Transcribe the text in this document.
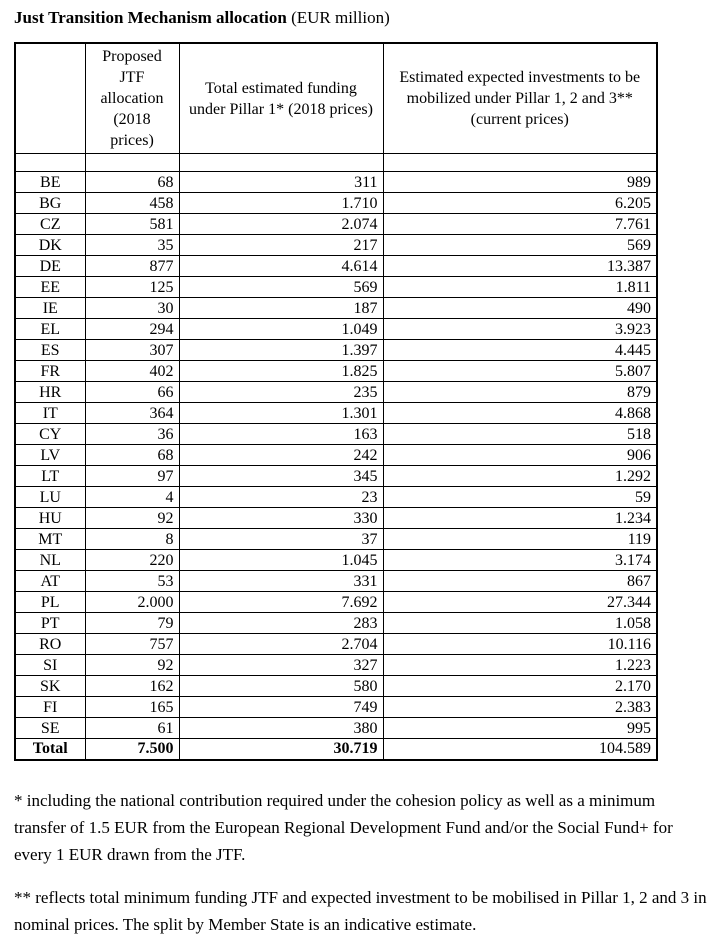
Just Transition Mechanism allocation (EUR million)

	Proposed JTF allocation (2018 prices)	Total estimated funding under Pillar 1* (2018 prices)	Estimated expected investments to be mobilized under Pillar 1, 2 and 3** (current prices)

BE	68	311	989
BG	458	1.710	6.205
CZ	581	2.074	7.761
DK	35	217	569
DE	877	4.614	13.387
EE	125	569	1.811
IE	30	187	490
EL	294	1.049	3.923
ES	307	1.397	4.445
FR	402	1.825	5.807
HR	66	235	879
IT	364	1.301	4.868
CY	36	163	518
LV	68	242	906
LT	97	345	1.292
LU	4	23	59
HU	92	330	1.234
MT	8	37	119
NL	220	1.045	3.174
AT	53	331	867
PL	2.000	7.692	27.344
PT	79	283	1.058
RO	757	2.704	10.116
SI	92	327	1.223
SK	162	580	2.170
FI	165	749	2.383
SE	61	380	995
Total	7.500	30.719	104.589

* including the national contribution required under the cohesion policy as well as a minimum transfer of 1.5 EUR from the European Regional Development Fund and/or the Social Fund+ for every 1 EUR drawn from the JTF.

** reflects total minimum funding JTF and expected investment to be mobilised in Pillar 1, 2 and 3 in nominal prices. The split by Member State is an indicative estimate.
